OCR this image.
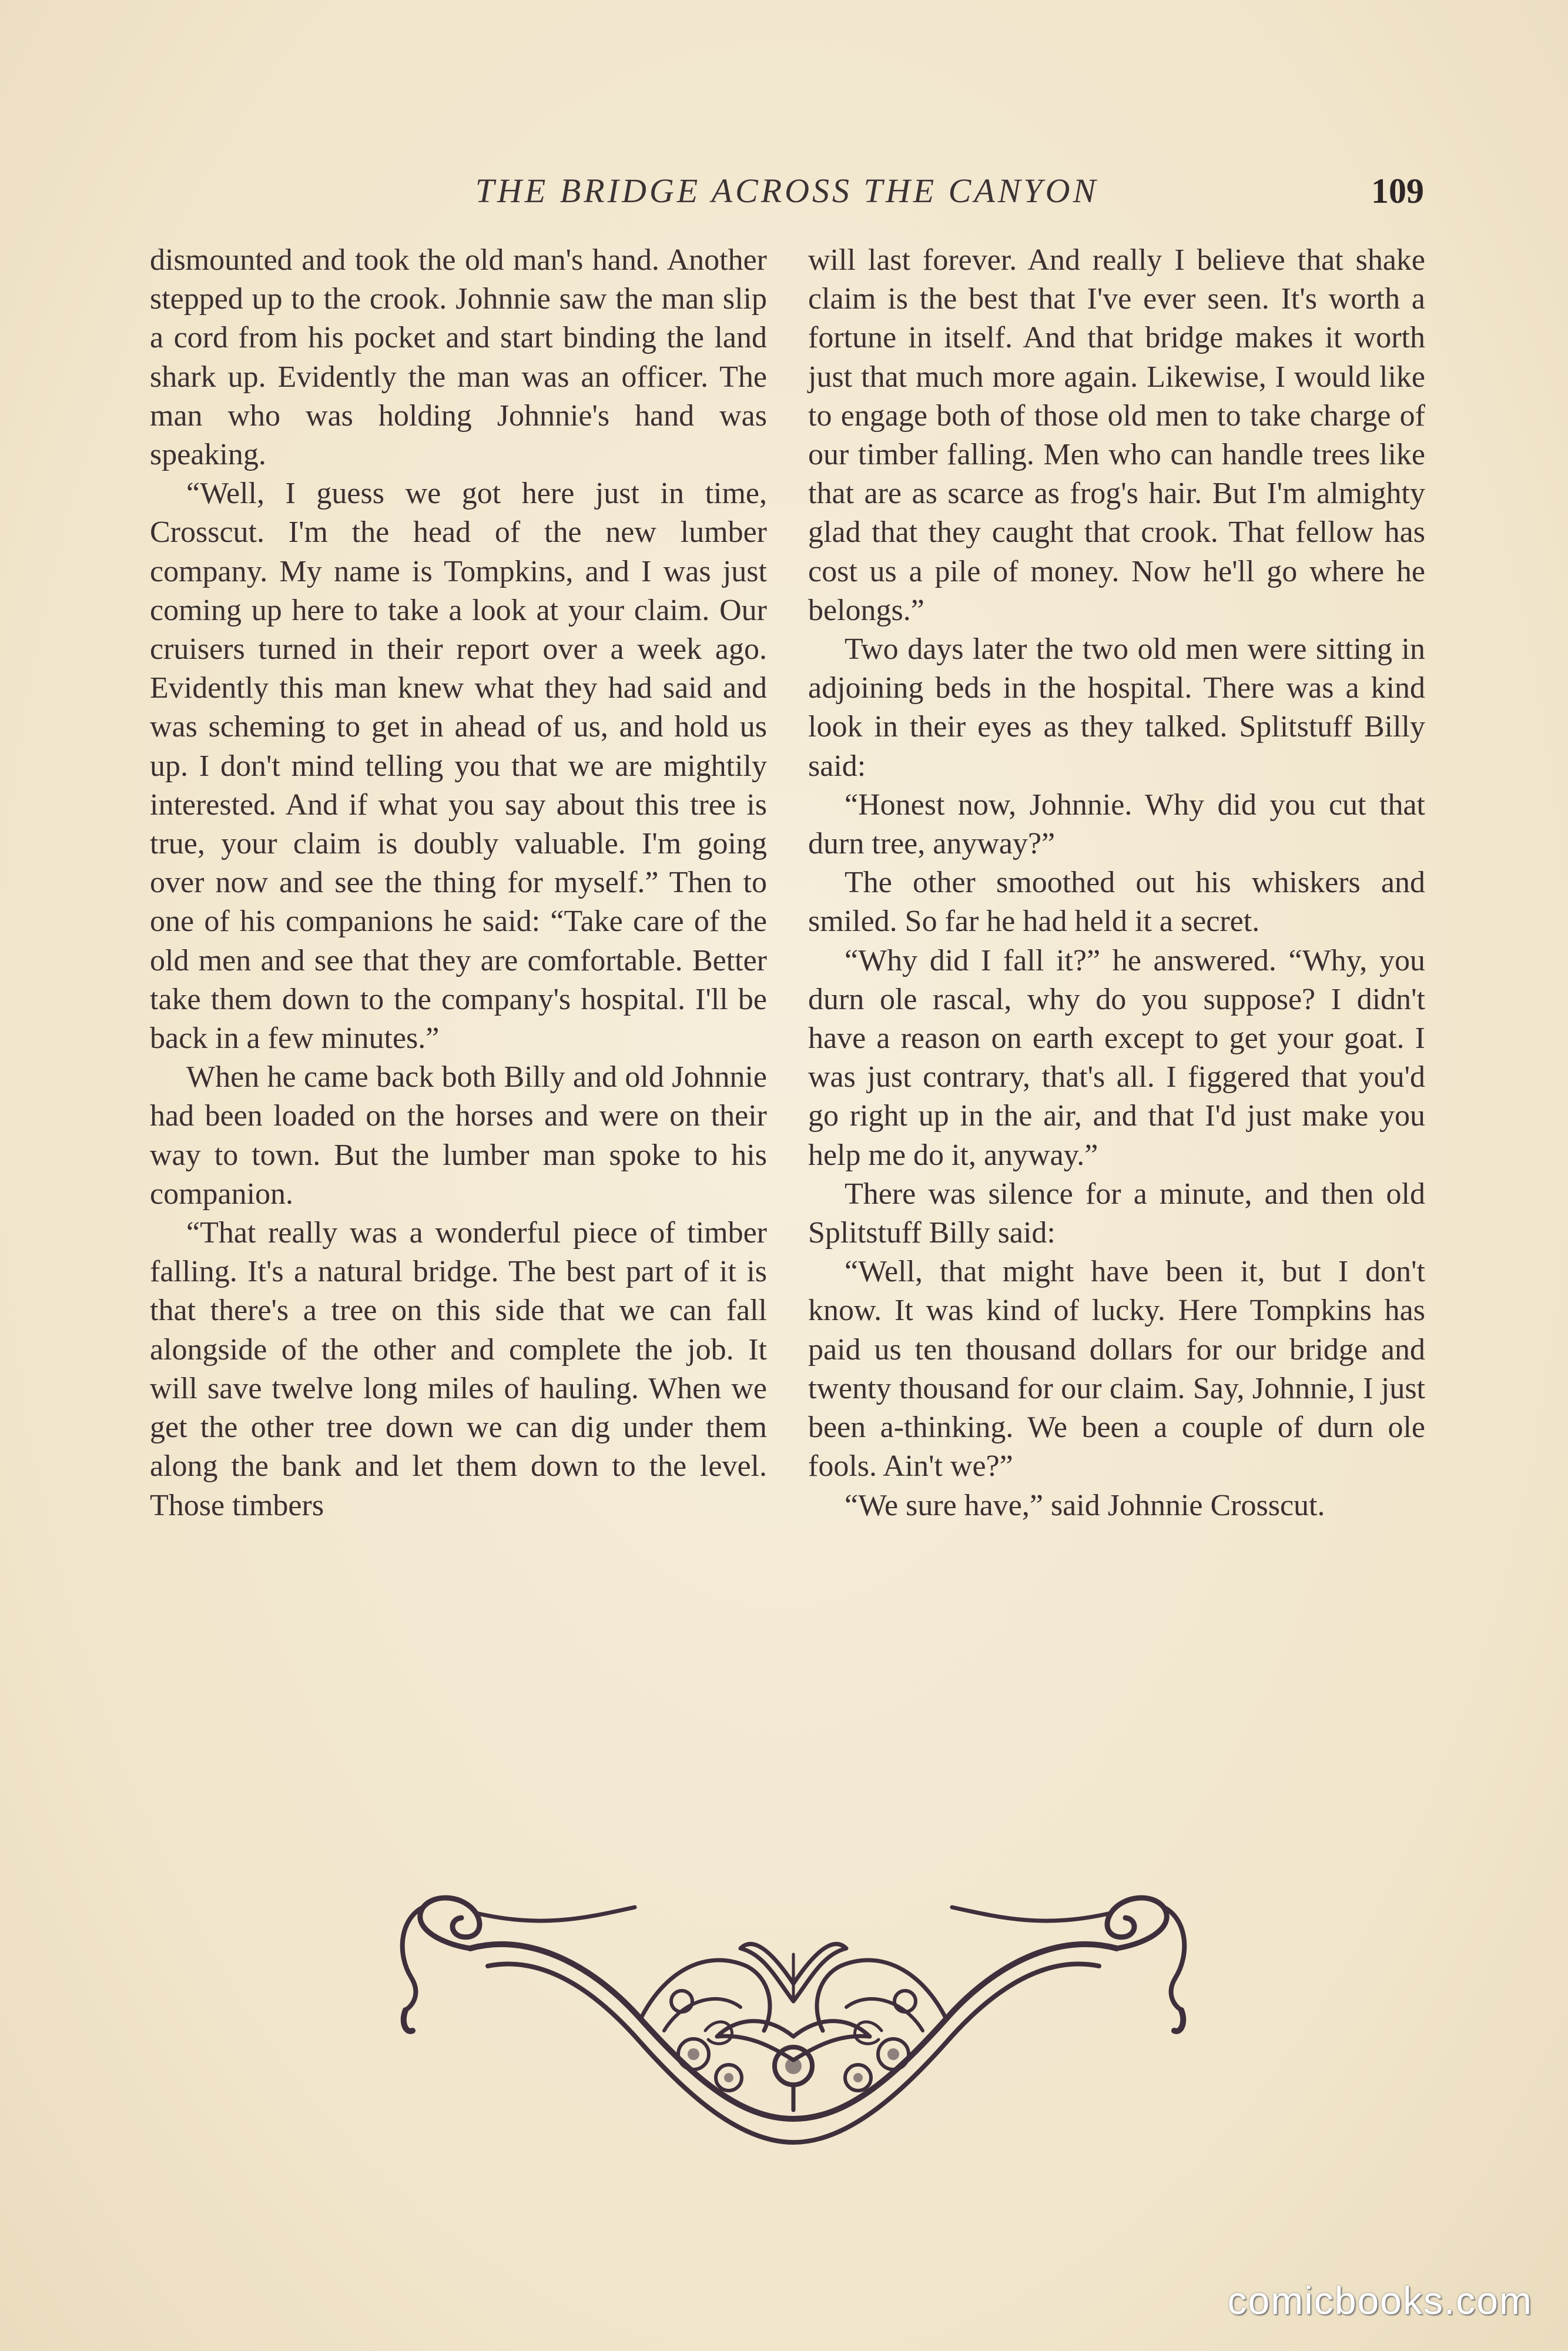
THE BRIDGE ACROSS THE CANYON	109

dismounted and took the old man's hand. Another stepped up to the crook. Johnnie saw the man slip a cord from his pocket and start binding the land shark up. Evidently the man was an officer. The man who was holding Johnnie's hand was speaking.

“Well, I guess we got here just in time, Crosscut. I'm the head of the new lumber company. My name is Tompkins, and I was just coming up here to take a look at your claim. Our cruisers turned in their report over a week ago. Evidently this man knew what they had said and was scheming to get in ahead of us, and hold us up. I don't mind telling you that we are mightily interested. And if what you say about this tree is true, your claim is doubly valuable. I'm going over now and see the thing for myself.” Then to one of his companions he said: “Take care of the old men and see that they are comfortable. Better take them down to the company's hospital. I'll be back in a few minutes.”

When he came back both Billy and old Johnnie had been loaded on the horses and were on their way to town. But the lumber man spoke to his companion.

“That really was a wonderful piece of timber falling. It's a natural bridge. The best part of it is that there's a tree on this side that we can fall alongside of the other and complete the job. It will save twelve long miles of hauling. When we get the other tree down we can dig under them along the bank and let them down to the level. Those timbers

will last forever. And really I believe that shake claim is the best that I've ever seen. It's worth a fortune in itself. And that bridge makes it worth just that much more again. Likewise, I would like to engage both of those old men to take charge of our timber falling. Men who can handle trees like that are as scarce as frog's hair. But I'm almighty glad that they caught that crook. That fellow has cost us a pile of money. Now he'll go where he belongs.”

Two days later the two old men were sitting in adjoining beds in the hospital. There was a kind look in their eyes as they talked. Splitstuff Billy said:

“Honest now, Johnnie. Why did you cut that durn tree, anyway?”

The other smoothed out his whiskers and smiled. So far he had held it a secret.

“Why did I fall it?” he answered. “Why, you durn ole rascal, why do you suppose? I didn't have a reason on earth except to get your goat. I was just contrary, that's all. I figgered that you'd go right up in the air, and that I'd just make you help me do it, anyway.”

There was silence for a minute, and then old Splitstuff Billy said:

“Well, that might have been it, but I don't know. It was kind of lucky. Here Tompkins has paid us ten thousand dollars for our bridge and twenty thousand for our claim. Say, Johnnie, I just been a-thinking. We been a couple of durn ole fools. Ain't we?”

“We sure have,” said Johnnie Crosscut.

comicbooks.com
